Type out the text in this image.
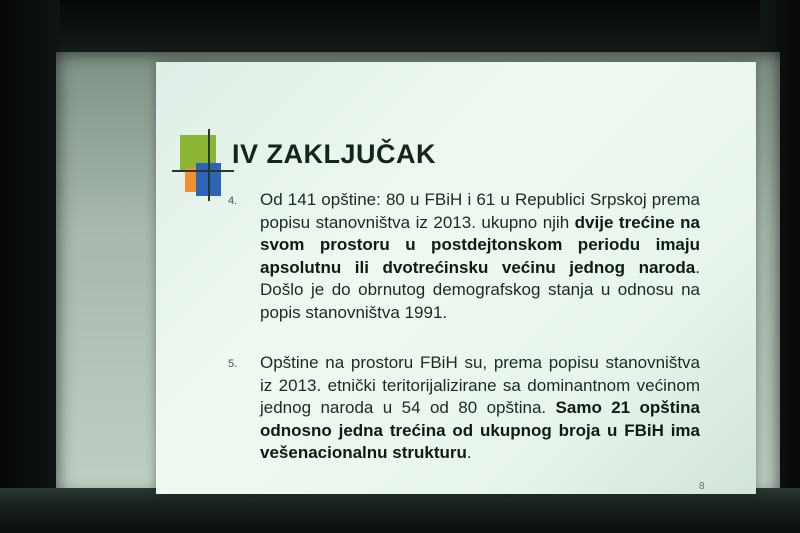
IV ZAKLJUČAK
4. Od 141 opštine: 80 u FBiH i 61 u Republici Srpskoj prema popisu stanovništva iz 2013. ukupno njih dvije trećine na svom prostoru u postdejtonskom periodu imaju apsolutnu ili dvotrećinsku većinu jednog naroda. Došlo je do obrnutog demografskog stanja u odnosu na popis stanovništva 1991.
5. Opštine na prostoru FBiH su, prema popisu stanovništva iz 2013. etnički teritorijalizirane sa dominantnom većinom jednog naroda u 54 od 80 opština. Samo 21 opština odnosno jedna trećina od ukupnog broja u FBiH ima vešenacionalnu strukturu.
8
